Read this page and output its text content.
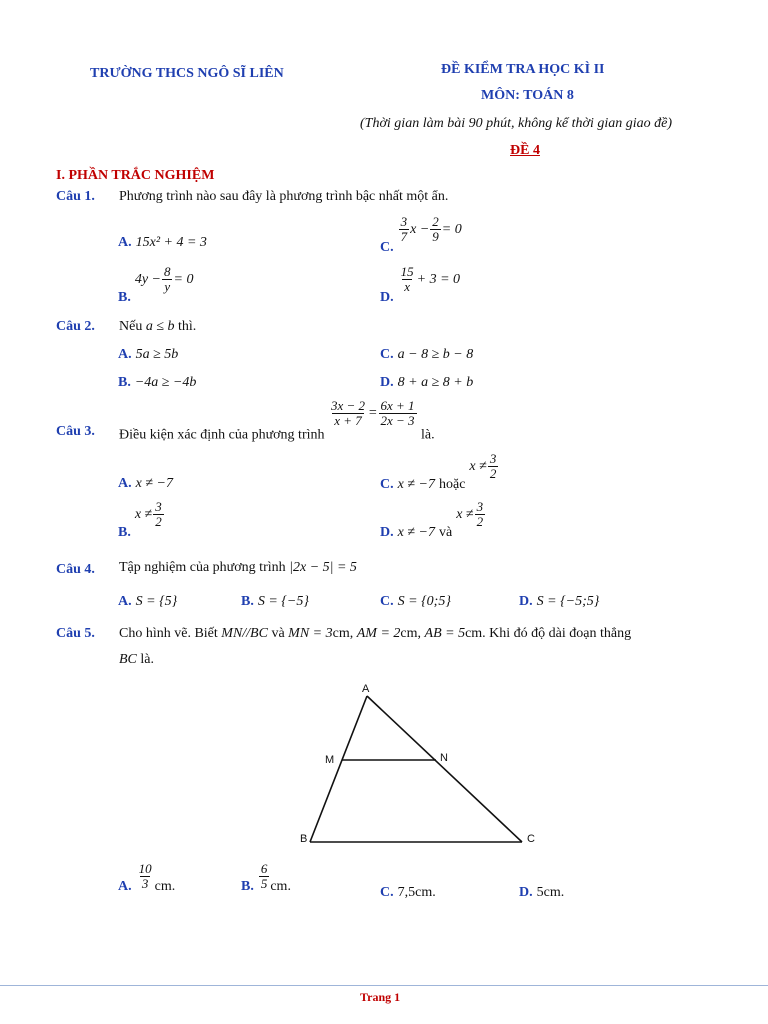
TRƯỜNG THCS NGÔ SĨ LIÊN	ĐỀ KIỂM TRA HỌC KÌ II
MÔN: TOÁN 8
(Thời gian làm bài 90 phút, không kể thời gian giao đề)
ĐỀ 4
I. PHẦN TRẮC NGHIỆM
Câu 1. Phương trình nào sau đây là phương trình bậc nhất một ẩn.
A. 15x² + 4 = 3	C.
$\frac{3}{7}$ $x - \frac{2}{9} = 0$
B. $4y - \frac{8}{y} = 0$
D.
$\frac{15}{x} + 3 = 0$
Câu 2. Nếu a ≤ b thì.
A. 5a ≥ 5b	C. a − 8 ≥ b − 8
B. −4a ≥ −4b	D. 8 + a ≥ 8 + b
Câu 3. Điều kiện xác định của phương trình
$\frac{3x - 2}{x + 7} = \frac{6x + 1}{2x - 3}$
là.
A. x ≠ −7	C. x ≠ −7 hoặc $x \ne \frac{3}{2}$
B. $x \ne \frac{3}{2}$
D. x ≠ −7 và $x \ne \frac{3}{2}$
Câu 4. Tập nghiệm của phương trình |2x − 5| = 5
A. S = {5}	B. S = {−5}	C. S = {0;5}	D. S = {−5;5}
Câu 5. Cho hình vẽ. Biết MN//BC và MN = 3cm, AM = 2cm, AB = 5cm. Khi đó độ dài đoạn thẳng
BC là.
A
B	C
M	N
A. $\frac{10}{3}$ cm.	B. $\frac{6}{5}$ cm.	C. 7,5cm.	D. 5cm.
Trang 1
